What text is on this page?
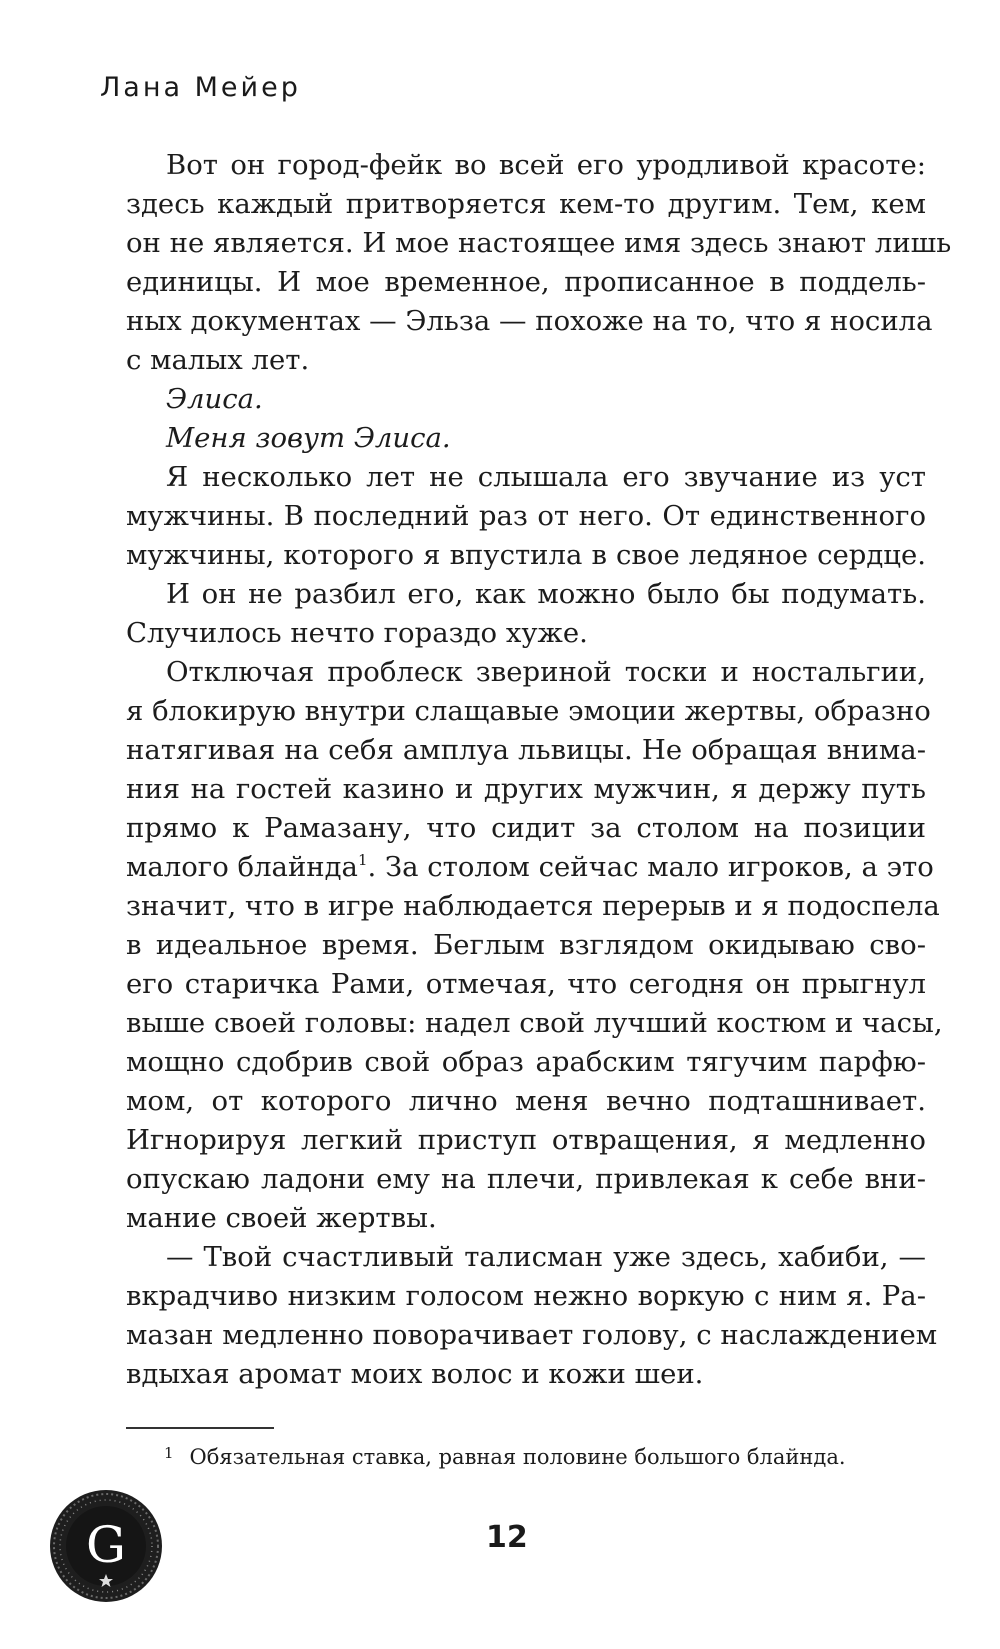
Лана Мейер
Вот он город-фейк во всей его уродливой красоте:
здесь каждый притворяется кем-то другим. Тем, кем
он не является. И мое настоящее имя здесь знают лишь
единицы. И мое временное, прописанное в поддель-
ных документах — Эльза — похоже на то, что я носила
с малых лет.
Элиса.
Меня зовут Элиса.
Я несколько лет не слышала его звучание из уст
мужчины. В последний раз от него. От единственного
мужчины, которого я впустила в свое ледяное сердце.
И он не разбил его, как можно было бы подумать.
Случилось нечто гораздо хуже.
Отключая проблеск звериной тоски и ностальгии,
я блокирую внутри слащавые эмоции жертвы, образно
натягивая на себя амплуа львицы. Не обращая внима-
ния на гостей казино и других мужчин, я держу путь
прямо к Рамазану, что сидит за столом на позиции
малого блайнда$^1$. За столом сейчас мало игроков, а это
значит, что в игре наблюдается перерыв и я подоспела
в идеальное время. Беглым взглядом окидываю сво-
его старичка Рами, отмечая, что сегодня он прыгнул
выше своей головы: надел свой лучший костюм и часы,
мощно сдобрив свой образ арабским тягучим парфю-
мом, от которого лично меня вечно подташнивает.
Игнорируя легкий приступ отвращения, я медленно
опускаю ладони ему на плечи, привлекая к себе вни-
мание своей жертвы.
— Твой счастливый талисман уже здесь, хабиби, —
вкрадчиво низким голосом нежно воркую с ним я. Ра-
мазан медленно поворачивает голову, с наслаждением
вдыхая аромат моих волос и кожи шеи.
$^1$ Обязательная ставка, равная половине большого блайнда.
G	12
